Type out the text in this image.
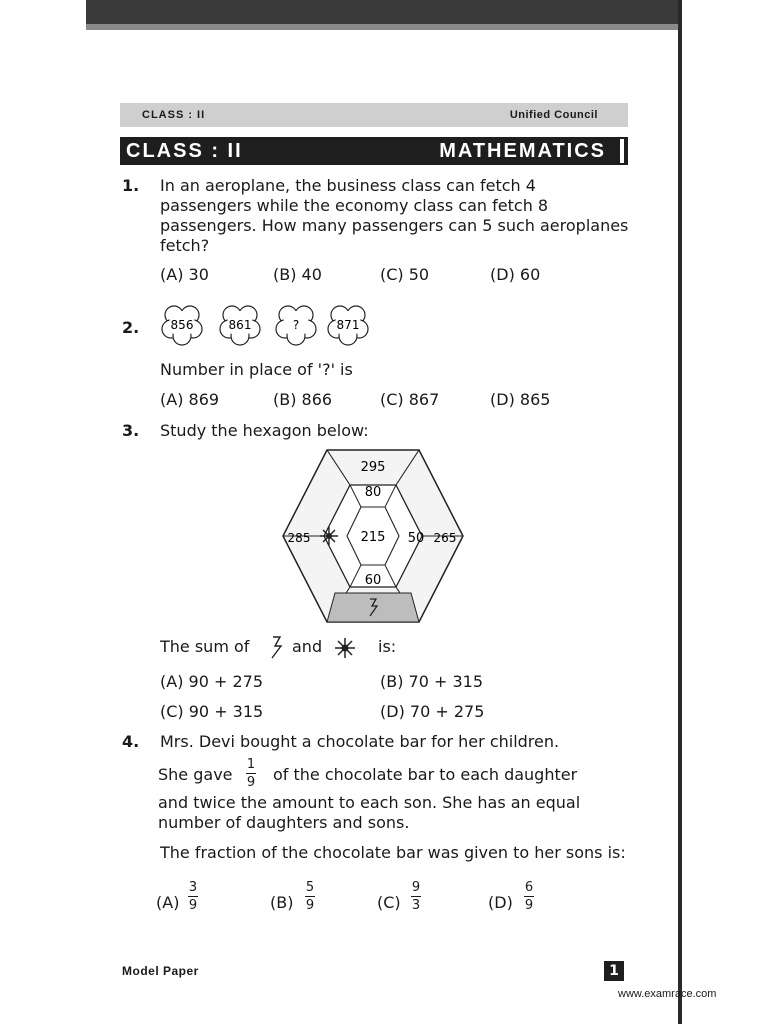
CLASS : II	Unified Council
CLASS : II	MATHEMATICS
1. In an aeroplane, the business class can fetch 4
passengers while the economy class can fetch 8
passengers. How many passengers can 5 such aeroplanes
fetch?
(A) 30	(B) 40	(C) 50	(D) 60
2.	856	861	?	871
Number in place of '?' is
(A) 869	(B) 866	(C) 867	(D) 865
3. Study the hexagon below:
295
80
215 50 265
285
60
The sum of	and	is:
(A) 90 + 275	(B) 70 + 315
(C) 90 + 315	(D) 70 + 275
4. Mrs. Devi bought a chocolate bar for her children.
She gave
1
9 of the chocolate bar to each daughter
and twice the amount to each son. She has an equal
number of daughters and sons.
The fraction of the chocolate bar was given to her sons is:
(A)
3
9	(B)
5
9	(C)
9
3	(D)
6
9
Model Paper	1
www.examrace.com
